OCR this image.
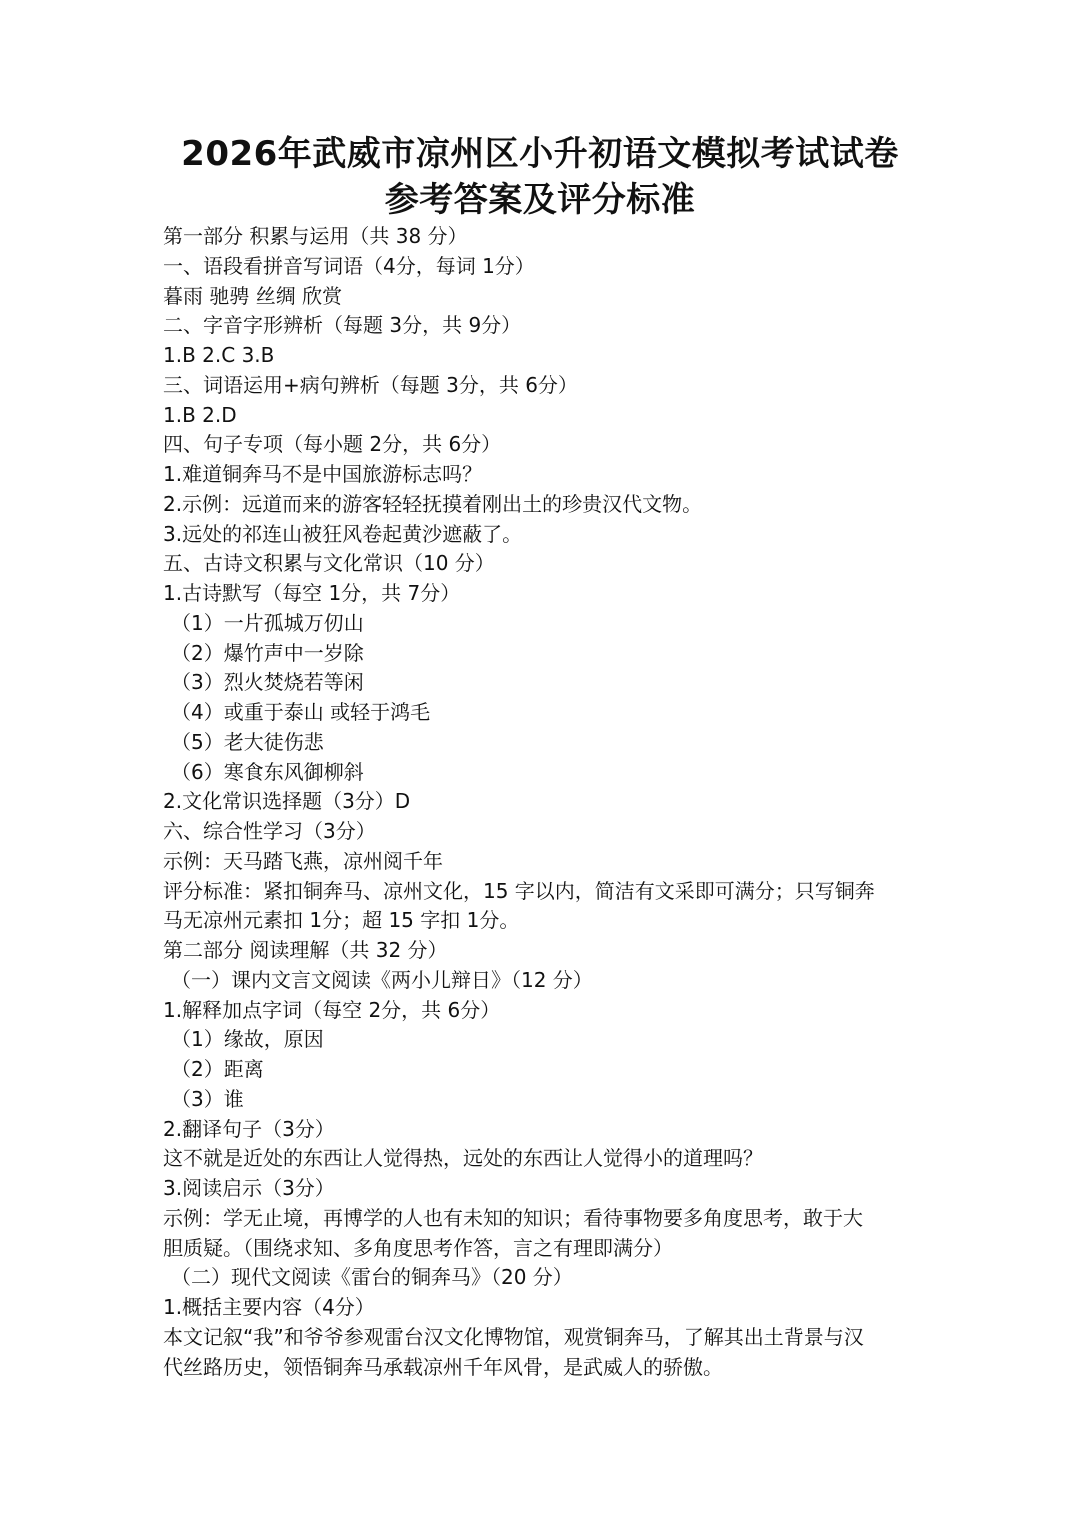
2026年武威市凉州区小升初语文模拟考试试卷
参考答案及评分标准
第一部分 积累与运用（共 38 分）
一、语段看拼音写词语（4分，每词 1分）
暮雨 驰骋 丝绸 欣赏
二、字音字形辨析（每题 3分，共 9分）
1.B 2.C 3.B
三、词语运用+病句辨析（每题 3分，共 6分）
1.B 2.D
四、句子专项（每小题 2分，共 6分）
1.难道铜奔马不是中国旅游标志吗？
2.示例：远道而来的游客轻轻抚摸着刚出土的珍贵汉代文物。
3.远处的祁连山被狂风卷起黄沙遮蔽了。
五、古诗文积累与文化常识（10 分）
1.古诗默写（每空 1分，共 7分）
（1）一片孤城万仞山
（2）爆竹声中一岁除
（3）烈火焚烧若等闲
（4）或重于泰山 或轻于鸿毛
（5）老大徒伤悲
（6）寒食东风御柳斜
2.文化常识选择题（3分）D
六、综合性学习（3分）
示例：天马踏飞燕，凉州阅千年
评分标准：紧扣铜奔马、凉州文化，15 字以内，简洁有文采即可满分；只写铜奔
马无凉州元素扣 1分；超 15 字扣 1分。
第二部分 阅读理解（共 32 分）
（一）课内文言文阅读《两小儿辩日》（12 分）
1.解释加点字词（每空 2分，共 6分）
（1）缘故，原因
（2）距离
（3）谁
2.翻译句子（3分）
这不就是近处的东西让人觉得热，远处的东西让人觉得小的道理吗？
3.阅读启示（3分）
示例：学无止境，再博学的人也有未知的知识；看待事物要多角度思考，敢于大
胆质疑。（围绕求知、多角度思考作答，言之有理即满分）
（二）现代文阅读《雷台的铜奔马》（20 分）
1.概括主要内容（4分）
本文记叙“我”和爷爷参观雷台汉文化博物馆，观赏铜奔马，了解其出土背景与汉
代丝路历史，领悟铜奔马承载凉州千年风骨，是武威人的骄傲。
